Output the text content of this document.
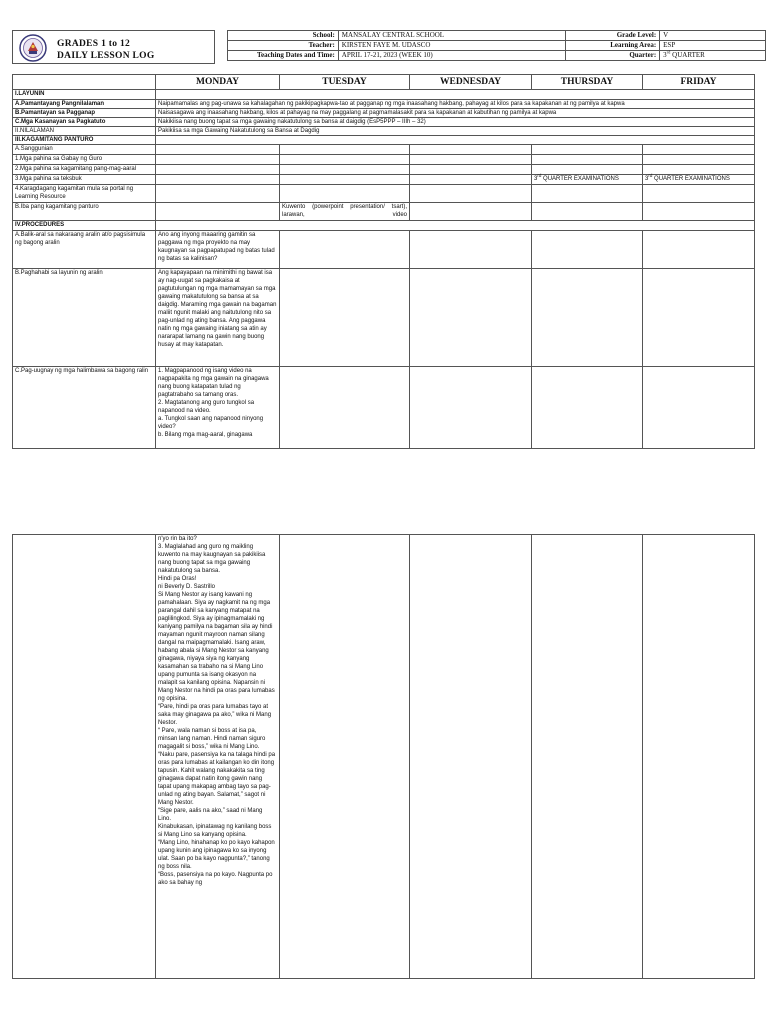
GRADES 1 to 12
DAILY LESSON LOG
School:	MANSALAY CENTRAL SCHOOL	Grade Level:	V
Teacher:	KIRSTEN FAYE M. UDASCO	Learning Area:	ESP
Teaching Dates and Time:	APRIL 17-21, 2023 (WEEK 10)	Quarter:	3rd QUARTER
	MONDAY	TUESDAY	WEDNESDAY	THURSDAY	FRIDAY
I.LAYUNIN					
A.Pamantayang Pangnilalaman	Naipamamalas ang pag-unawa sa kahalagahan ng pakikipagkapwa-tao at pagganap ng mga inaasahang hakbang, pahayag at kilos para sa kapakanan at ng pamilya at kapwa				
B.Pamantayan sa Pagganap	Naisasagawa ang inaasahang hakbang, kilos at pahayag na may paggalang at pagmamalasakit para sa kapakanan at kabutihan ng pamilya at kapwa				
C.Mga Kasanayan sa Pagkatuto	Nakikiisa nang buong tapat sa mga gawaing nakatutulong sa bansa at daigdig (EsP5PPP – IIIh – 32)				
II.NILALAMAN	Pakikiisa sa mga Gawaing Nakatutulong sa Bansa at Dagdig				
III.KAGAMITANG PANTURO					
A.Sanggunian					
1.Mga pahina sa Gabay ng Guro					
2.Mga pahina sa kagamitang pang-mag-aaral					
3.Mga pahina sa teksbuk				3rd QUARTER EXAMINATIONS	3rd QUARTER EXAMINATIONS
4.Karagdagang kagamitan mula sa portal ng Learning Resource					
B.Iba pang kagamitang panturo		Kuwento (powerpoint presentation/ tsart), larawan, video			
IV.PROCEDURES					
A.Balik-aral sa nakaraang aralin at/o pagsisimula ng bagong aralin	Ano ang inyong maaaring gamitin sa paggawa ng mga proyekto na may kaugnayan sa pagpapatupad ng batas tulad ng batas sa kalinisan?				
B.Paghahabi sa layunin ng aralin	Ang kapayapaan na minimithi ng bawat isa ay nag-uugat sa pagkakaisa at pagtutulungan ng mga mamamayan sa mga gawaing makatutulong sa bansa at sa daigdig. Maraming mga gawain na bagaman maliit ngunit malaki ang naitutulong nito sa pag-unlad ng ating bansa. Ang paggawa natin ng mga gawaing iniatang sa atin ay nararapat lamang na gawin nang buong husay at may katapatan.				
C.Pag-uugnay ng mga halimbawa sa bagong ralin	1. Magpapanood ng isang video na nagpapakita ng mga gawain na ginagawa nang buong katapatan tulad ng pagtatrabaho sa tamang oras.
2. Magtatanong ang guro tungkol sa napanood na video.
a. Tungkol saan ang napanood ninyong video?
b. Bilang mga mag-aaral, ginagawa				
	n'yo rin ba ito?
3. Maglalahad ang guro ng maikling kuwento na may kaugnayan sa pakikiisa nang buong tapat sa mga gawaing nakatutulong sa bansa.
Hindi pa Oras!
ni Beverly D. Sastrillo
Si Mang Nestor ay isang kawani ng pamahalaan. Siya ay nagkamit na ng mga parangal dahil sa kanyang matapat na paglilingkod. Siya ay ipinagmamalaki ng kaniyang pamilya na bagaman sila ay hindi mayaman ngunit mayroon naman silang dangal na maipagmamalaki. Isang araw, habang abala si Mang Nestor sa kanyang ginagawa, niyaya siya ng kanyang kasamahan sa trabaho na si Mang Lino upang pumunta sa isang okasyon na malapit sa kanilang opisina. Napansin ni Mang Nestor na hindi pa oras para lumabas ng opisina.
“Pare, hindi pa oras para lumabas tayo at saka may ginagawa pa ako,” wika ni Mang Nestor.
“ Pare, wala naman si boss at isa pa, minsan lang naman. Hindi naman siguro magagalit si boss,” wika ni Mang Lino.
“Naku pare, pasensiya ka na talaga hindi pa oras para lumabas at kailangan ko din itong tapusin. Kahit walang nakakakita sa ting ginagawa dapat natin itong gawin nang tapat upang makapag ambag tayo sa pag-unlad ng ating bayan. Salamat,” sagot ni Mang Nestor.
“Sige pare, aalis na ako,” saad ni Mang Lino.
Kinabukasan, ipinatawag ng kanilang boss si Mang Lino sa kanyang opisina.
“Mang Lino, hinahanap ko po kayo kahapon upang kunin ang ipinagawa ko sa inyong ulat. Saan po ba kayo nagpunta?,” tanong ng boss nila.
“Boss, pasensiya na po kayo. Nagpunta po ako sa bahay ng				
